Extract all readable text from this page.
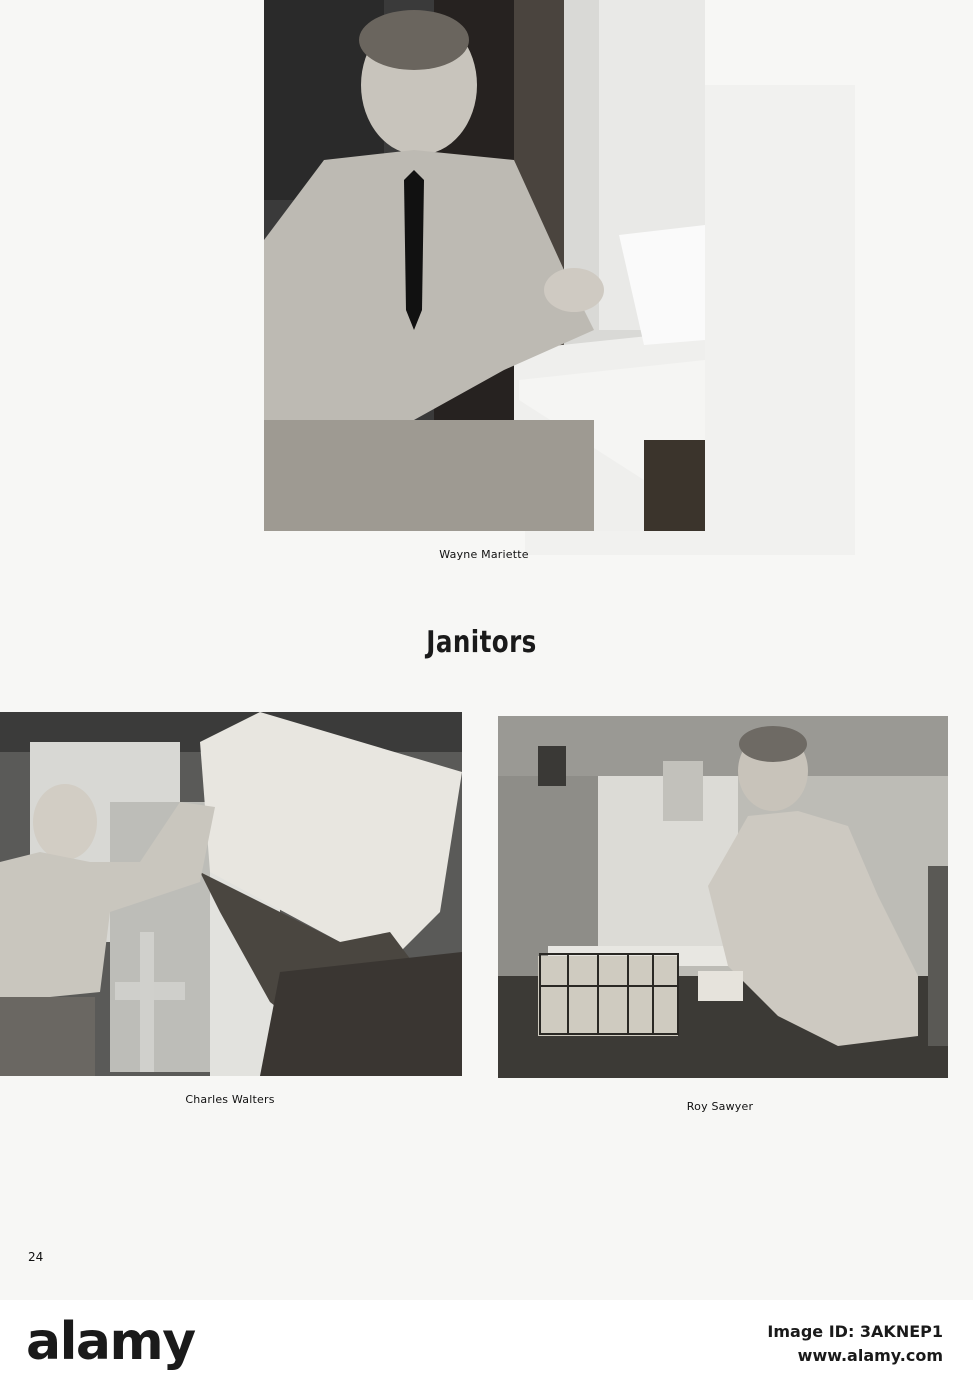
Wayne Mariette
Janitors
Charles Walters
Roy Sawyer
24
alamy	Image ID: 3AKNEP1
www.alamy.com
